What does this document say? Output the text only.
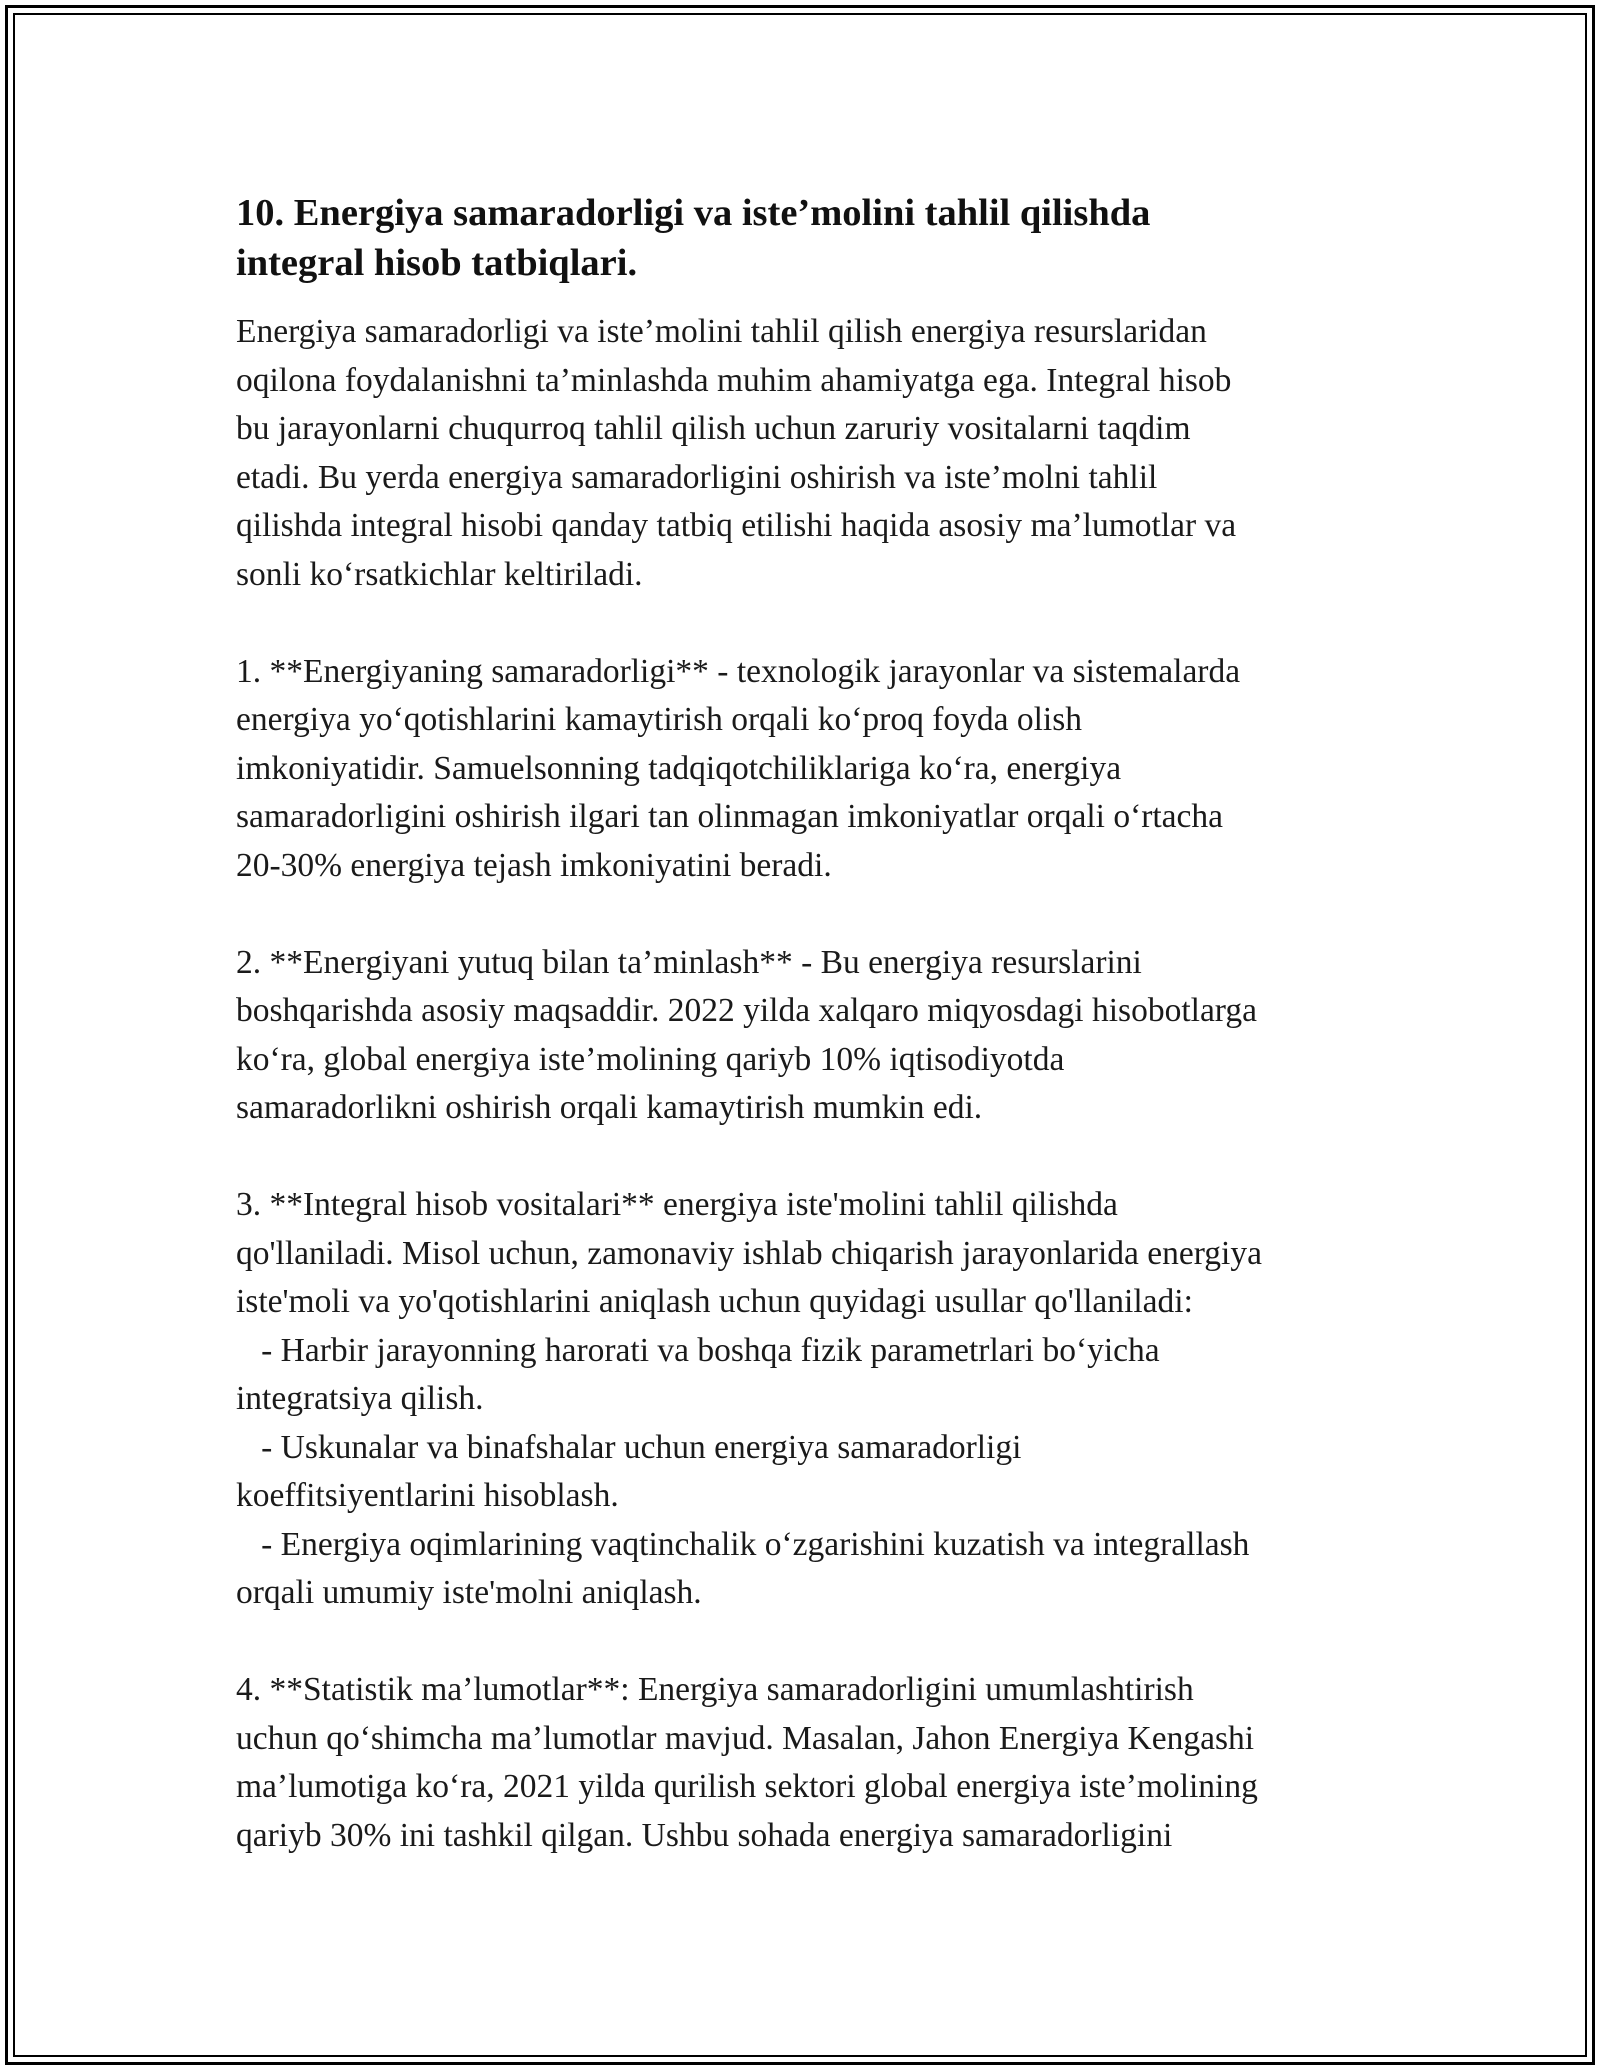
10. Energiya samaradorligi va iste’molini tahlil qilishda
integral hisob tatbiqlari.
Energiya samaradorligi va iste’molini tahlil qilish energiya resurslaridan
oqilona foydalanishni ta’minlashda muhim ahamiyatga ega. Integral hisob
bu jarayonlarni chuqurroq tahlil qilish uchun zaruriy vositalarni taqdim
etadi. Bu yerda energiya samaradorligini oshirish va iste’molni tahlil
qilishda integral hisobi qanday tatbiq etilishi haqida asosiy ma’lumotlar va
sonli ko‘rsatkichlar keltiriladi.
1. **Energiyaning samaradorligi** - texnologik jarayonlar va sistemalarda
energiya yo‘qotishlarini kamaytirish orqali ko‘proq foyda olish
imkoniyatidir. Samuelsonning tadqiqotchiliklariga ko‘ra, energiya
samaradorligini oshirish ilgari tan olinmagan imkoniyatlar orqali o‘rtacha
20-30% energiya tejash imkoniyatini beradi.
2. **Energiyani yutuq bilan ta’minlash** - Bu energiya resurslarini
boshqarishda asosiy maqsaddir. 2022 yilda xalqaro miqyosdagi hisobotlarga
ko‘ra, global energiya iste’molining qariyb 10% iqtisodiyotda
samaradorlikni oshirish orqali kamaytirish mumkin edi.
3. **Integral hisob vositalari** energiya iste'molini tahlil qilishda
qo'llaniladi. Misol uchun, zamonaviy ishlab chiqarish jarayonlarida energiya
iste'moli va yo'qotishlarini aniqlash uchun quyidagi usullar qo'llaniladi:
- Harbir jarayonning harorati va boshqa fizik parametrlari bo‘yicha
integratsiya qilish.
- Uskunalar va binafshalar uchun energiya samaradorligi
koeffitsiyentlarini hisoblash.
- Energiya oqimlarining vaqtinchalik o‘zgarishini kuzatish va integrallash
orqali umumiy iste'molni aniqlash.
4. **Statistik ma’lumotlar**: Energiya samaradorligini umumlashtirish
uchun qo‘shimcha ma’lumotlar mavjud. Masalan, Jahon Energiya Kengashi
ma’lumotiga ko‘ra, 2021 yilda qurilish sektori global energiya iste’molining
qariyb 30% ini tashkil qilgan. Ushbu sohada energiya samaradorligini
